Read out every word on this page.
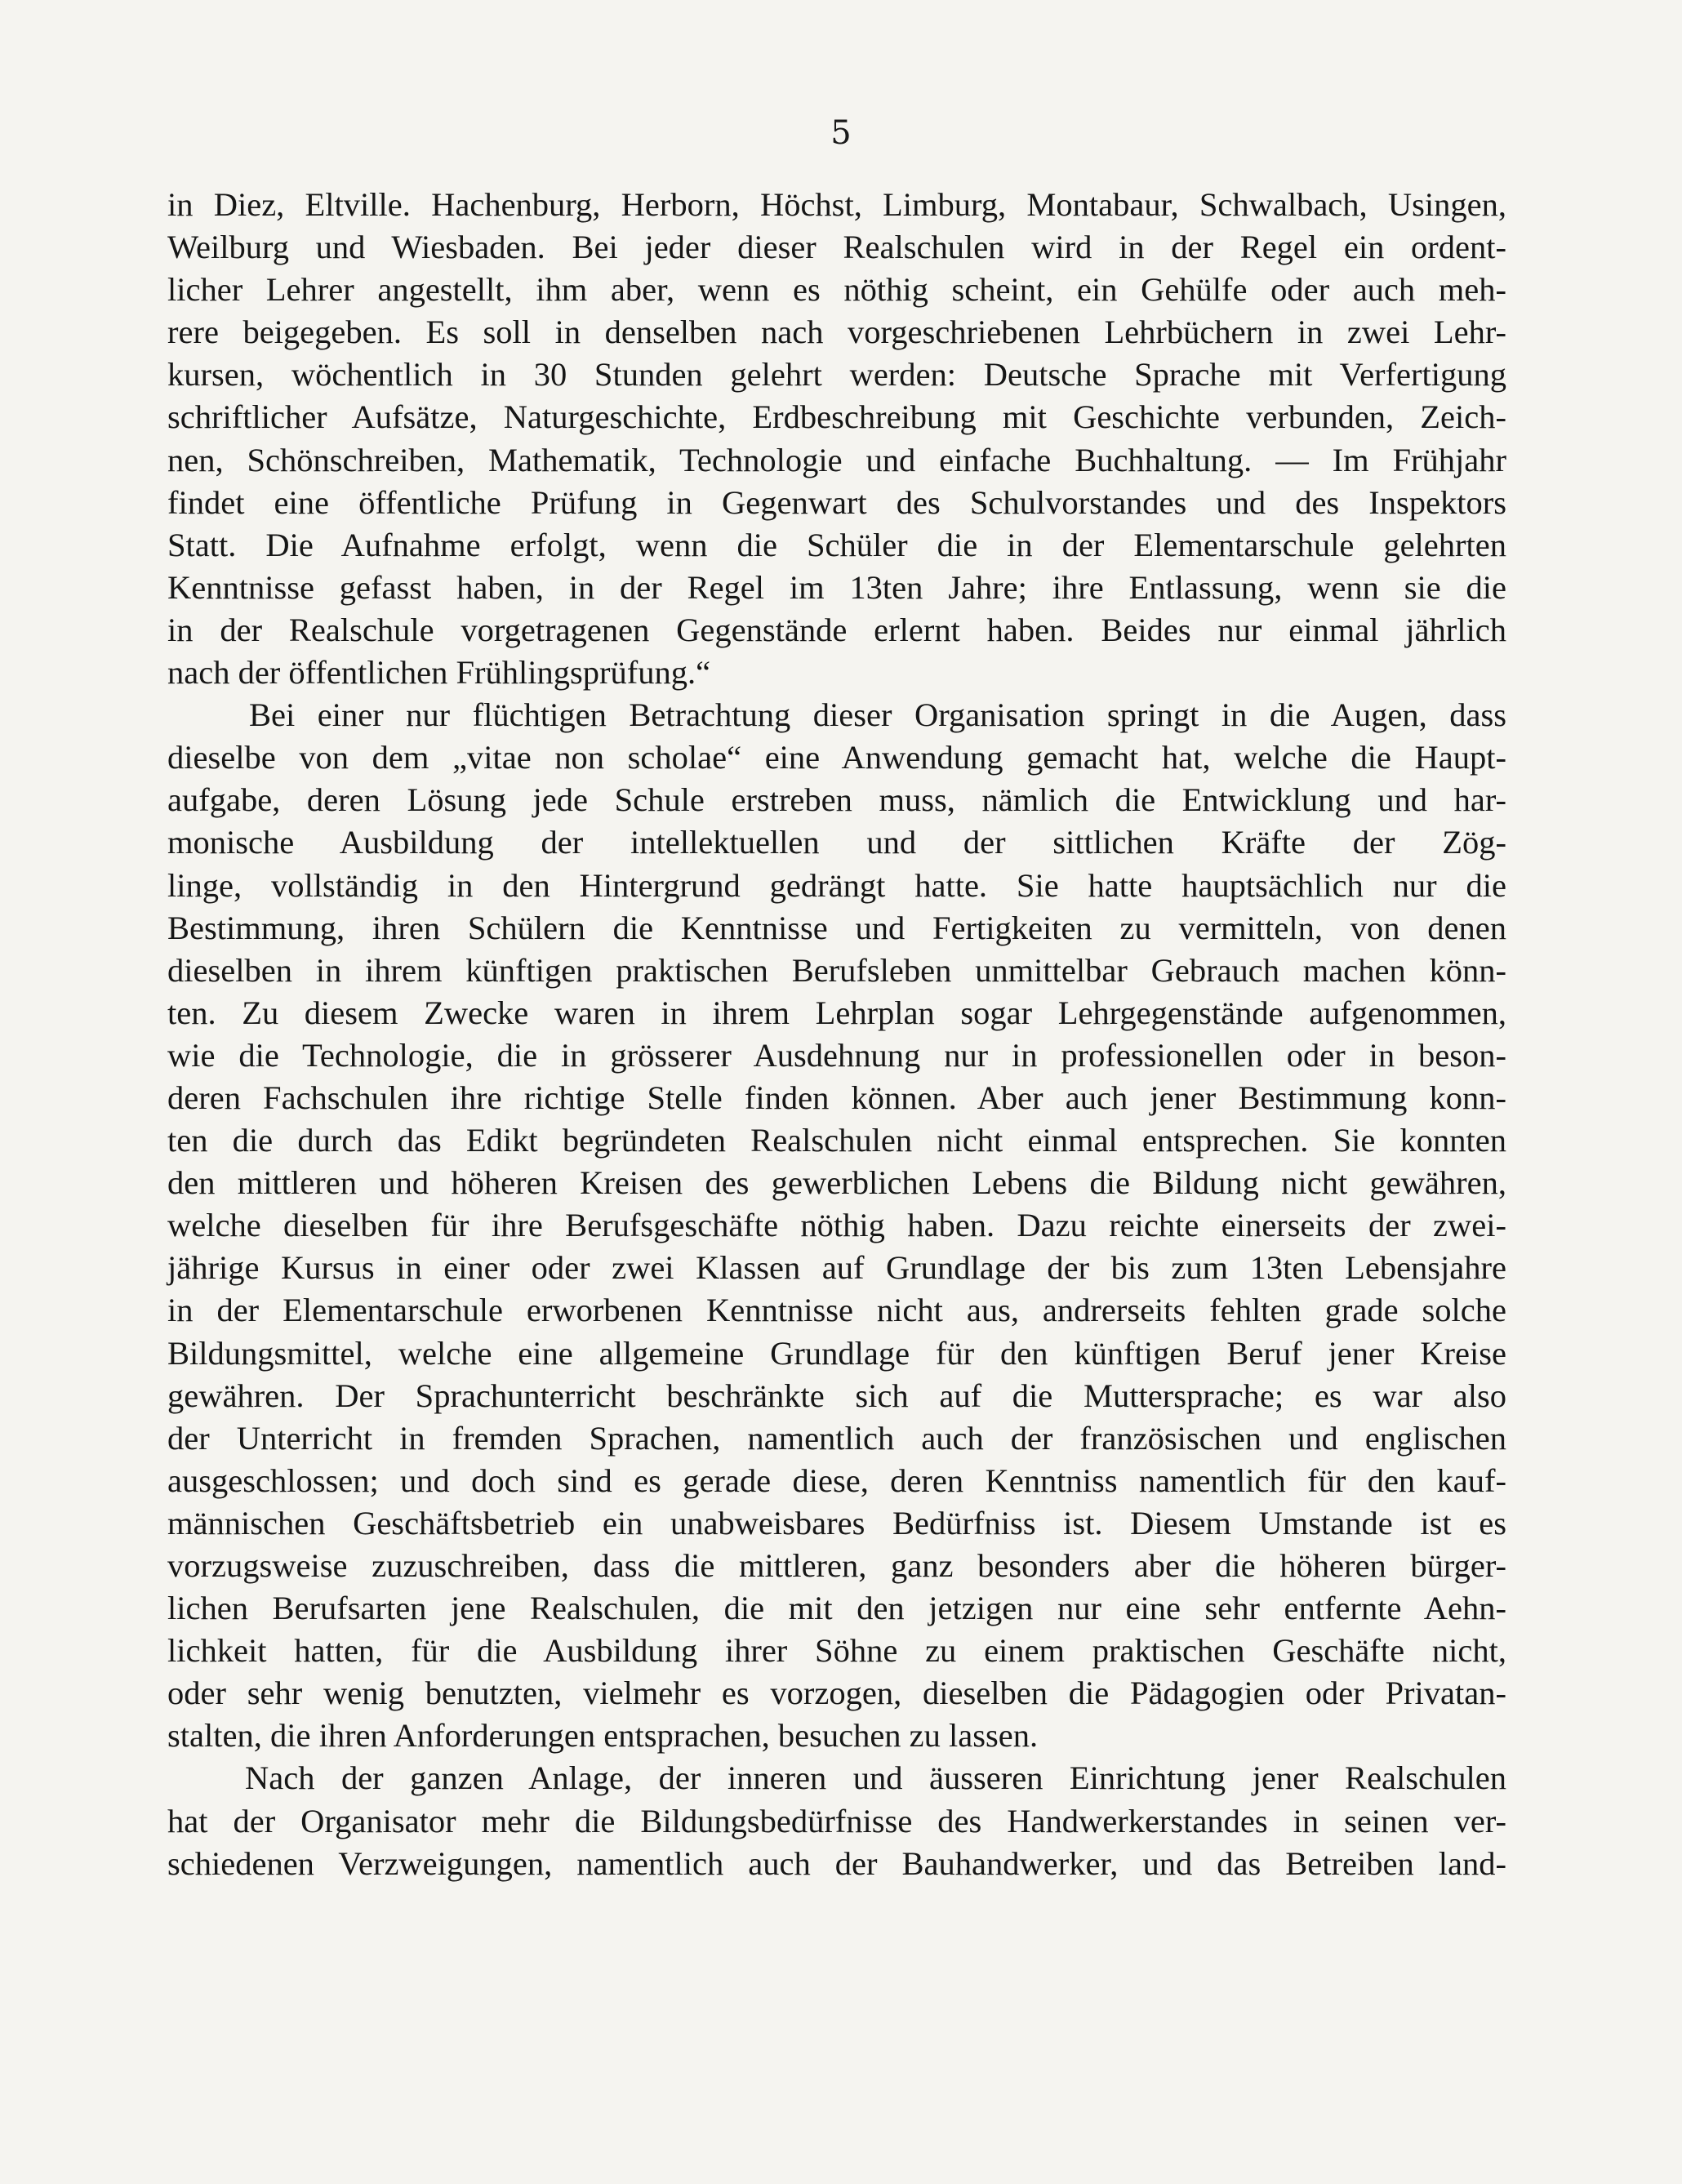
5
in Diez, Eltville. Hachenburg, Herborn, Höchst, Limburg, Montabaur, Schwalbach, Usingen,
Weilburg und Wiesbaden. Bei jeder dieser Realschulen wird in der Regel ein ordent-
licher Lehrer angestellt, ihm aber, wenn es nöthig scheint, ein Gehülfe oder auch meh-
rere beigegeben. Es soll in denselben nach vorgeschriebenen Lehrbüchern in zwei Lehr-
kursen, wöchentlich in 30 Stunden gelehrt werden: Deutsche Sprache mit Verfertigung
schriftlicher Aufsätze, Naturgeschichte, Erdbeschreibung mit Geschichte verbunden, Zeich-
nen, Schönschreiben, Mathematik, Technologie und einfache Buchhaltung. — Im Frühjahr
findet eine öffentliche Prüfung in Gegenwart des Schulvorstandes und des Inspektors
Statt. Die Aufnahme erfolgt, wenn die Schüler die in der Elementarschule gelehrten
Kenntnisse gefasst haben, in der Regel im 13ten Jahre; ihre Entlassung, wenn sie die
in der Realschule vorgetragenen Gegenstände erlernt haben. Beides nur einmal jährlich
nach der öffentlichen Frühlingsprüfung.“
Bei einer nur flüchtigen Betrachtung dieser Organisation springt in die Augen, dass
dieselbe von dem „vitae non scholae“ eine Anwendung gemacht hat, welche die Haupt-
aufgabe, deren Lösung jede Schule erstreben muss, nämlich die Entwicklung und har-
monische Ausbildung der intellektuellen und der sittlichen Kräfte der Zög-
linge, vollständig in den Hintergrund gedrängt hatte. Sie hatte hauptsächlich nur die
Bestimmung, ihren Schülern die Kenntnisse und Fertigkeiten zu vermitteln, von denen
dieselben in ihrem künftigen praktischen Berufsleben unmittelbar Gebrauch machen könn-
ten. Zu diesem Zwecke waren in ihrem Lehrplan sogar Lehrgegenstände aufgenommen,
wie die Technologie, die in grösserer Ausdehnung nur in professionellen oder in beson-
deren Fachschulen ihre richtige Stelle finden können. Aber auch jener Bestimmung konn-
ten die durch das Edikt begründeten Realschulen nicht einmal entsprechen. Sie konnten
den mittleren und höheren Kreisen des gewerblichen Lebens die Bildung nicht gewähren,
welche dieselben für ihre Berufsgeschäfte nöthig haben. Dazu reichte einerseits der zwei-
jährige Kursus in einer oder zwei Klassen auf Grundlage der bis zum 13ten Lebensjahre
in der Elementarschule erworbenen Kenntnisse nicht aus, andrerseits fehlten grade solche
Bildungsmittel, welche eine allgemeine Grundlage für den künftigen Beruf jener Kreise
gewähren. Der Sprachunterricht beschränkte sich auf die Muttersprache; es war also
der Unterricht in fremden Sprachen, namentlich auch der französischen und englischen
ausgeschlossen; und doch sind es gerade diese, deren Kenntniss namentlich für den kauf-
männischen Geschäftsbetrieb ein unabweisbares Bedürfniss ist. Diesem Umstande ist es
vorzugsweise zuzuschreiben, dass die mittleren, ganz besonders aber die höheren bürger-
lichen Berufsarten jene Realschulen, die mit den jetzigen nur eine sehr entfernte Aehn-
lichkeit hatten, für die Ausbildung ihrer Söhne zu einem praktischen Geschäfte nicht,
oder sehr wenig benutzten, vielmehr es vorzogen, dieselben die Pädagogien oder Privatan-
stalten, die ihren Anforderungen entsprachen, besuchen zu lassen.
Nach der ganzen Anlage, der inneren und äusseren Einrichtung jener Realschulen
hat der Organisator mehr die Bildungsbedürfnisse des Handwerkerstandes in seinen ver-
schiedenen Verzweigungen, namentlich auch der Bauhandwerker, und das Betreiben land-
